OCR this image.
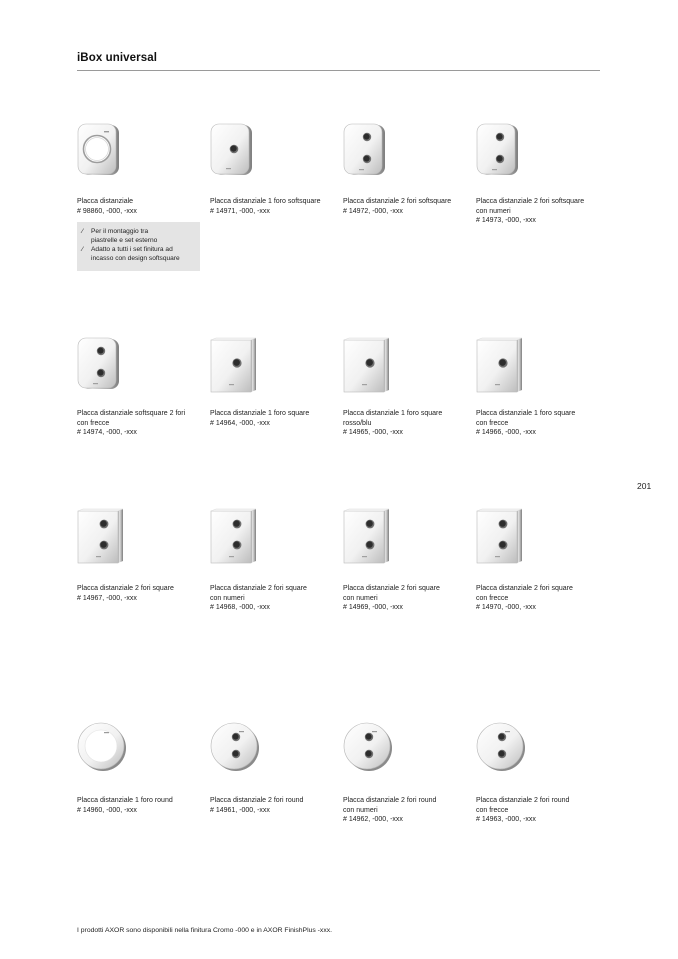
iBox universal
Placca distanziale
# 98860, -000, -xxx
Placca distanziale 1 foro softsquare
# 14971, -000, -xxx
Placca distanziale 2 fori softsquare
# 14972, -000, -xxx
Placca distanziale 2 fori softsquare
con numeri
# 14973, -000, -xxx
Placca distanziale softsquare 2 fori
con frecce
# 14974, -000, -xxx
Placca distanziale 1 foro square
# 14964, -000, -xxx
Placca distanziale 1 foro square
rosso/blu
# 14965, -000, -xxx
Placca distanziale 1 foro square
con frecce
# 14966, -000, -xxx
Placca distanziale 2 fori square
# 14967, -000, -xxx
Placca distanziale 2 fori square
con numeri
# 14968, -000, -xxx
Placca distanziale 2 fori square
con numeri
# 14969, -000, -xxx
Placca distanziale 2 fori square
con frecce
# 14970, -000, -xxx
Placca distanziale 1 foro round
# 14960, -000, -xxx
Placca distanziale 2 fori round
# 14961, -000, -xxx
Placca distanziale 2 fori round
con numeri
# 14962, -000, -xxx
Placca distanziale 2 fori round
con frecce
# 14963, -000, -xxx
⁄	Per il montaggio tra
piastrelle e set esterno
⁄	Adatto a tutti i set finitura ad
incasso con design softsquare
201
I prodotti AXOR sono disponibili nella finitura Cromo -000 e in AXOR FinishPlus -xxx.
